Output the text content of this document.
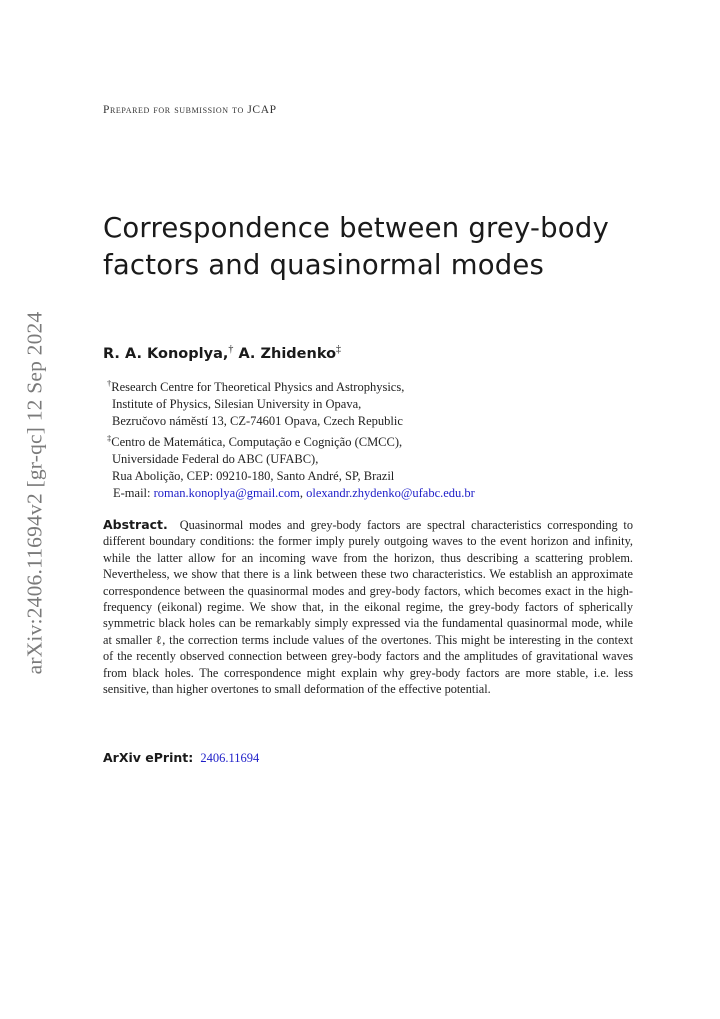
arXiv:2406.11694v2 [gr-qc] 12 Sep 2024
Prepared for submission to JCAP
Correspondence between grey-body factors and quasinormal modes
R. A. Konoplya,† A. Zhidenko‡
†Research Centre for Theoretical Physics and Astrophysics,
Institute of Physics, Silesian University in Opava,
Bezručovo náměstí 13, CZ-74601 Opava, Czech Republic
‡Centro de Matemática, Computação e Cognição (CMCC),
Universidade Federal do ABC (UFABC),
Rua Abolição, CEP: 09210-180, Santo André, SP, Brazil
E-mail: roman.konoplya@gmail.com, olexandr.zhydenko@ufabc.edu.br
Abstract. Quasinormal modes and grey-body factors are spectral characteristics corresponding to different boundary conditions: the former imply purely outgoing waves to the event horizon and infinity, while the latter allow for an incoming wave from the horizon, thus describing a scattering problem. Nevertheless, we show that there is a link between these two characteristics. We establish an approximate correspondence between the quasinormal modes and grey-body factors, which becomes exact in the high-frequency (eikonal) regime. We show that, in the eikonal regime, the grey-body factors of spherically symmetric black holes can be remarkably simply expressed via the fundamental quasinormal mode, while at smaller ℓ, the correction terms include values of the overtones. This might be interesting in the context of the recently observed connection between grey-body factors and the amplitudes of gravitational waves from black holes. The correspondence might explain why grey-body factors are more stable, i.e. less sensitive, than higher overtones to small deformation of the effective potential.
ArXiv ePrint: 2406.11694
